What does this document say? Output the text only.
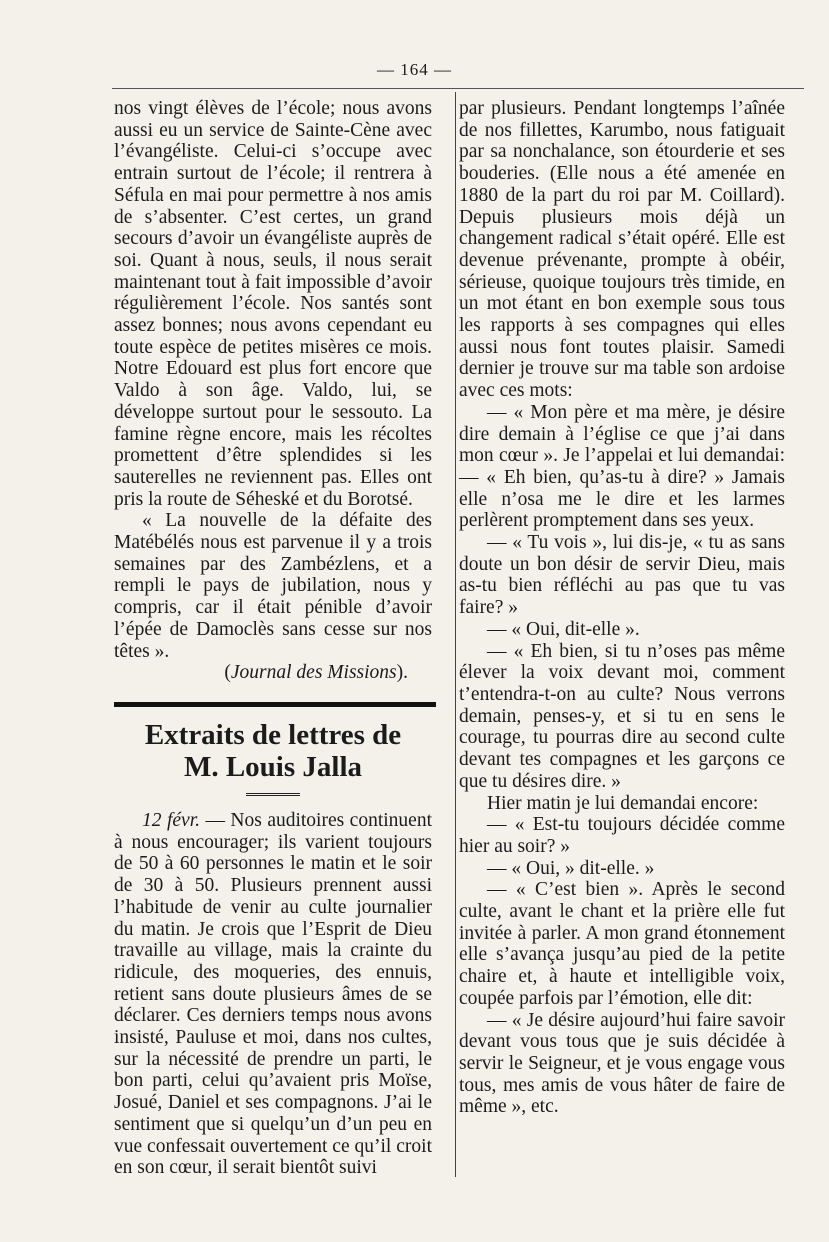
— 164 —

nos vingt élèves de l’école; nous avons aussi eu un service de Sainte-Cène avec l’évangéliste. Celui-ci s’occupe avec entrain surtout de l’école; il rentrera à Séfula en mai pour permettre à nos amis de s’absenter. C’est certes, un grand secours d’avoir un évangéliste auprès de soi. Quant à nous, seuls, il nous serait maintenant tout à fait impossible d’avoir régulièrement l’école. Nos santés sont assez bonnes; nous avons cependant eu toute espèce de petites misères ce mois. Notre Edouard est plus fort encore que Valdo à son âge. Valdo, lui, se développe surtout pour le sessouto. La famine règne encore, mais les récoltes promettent d’être splendides si les sauterelles ne reviennent pas. Elles ont pris la route de Séheské et du Borotsé.

« La nouvelle de la défaite des Matébélés nous est parvenue il y a trois semaines par des Zambézlens, et a rempli le pays de jubilation, nous y compris, car il était pénible d’avoir l’épée de Damoclès sans cesse sur nos têtes ».

(Journal des Missions).

Extraits de lettres de

M. Louis Jalla

12 févr. — Nos auditoires continuent à nous encourager; ils varient toujours de 50 à 60 personnes le matin et le soir de 30 à 50. Plusieurs prennent aussi l’habitude de venir au culte journalier du matin. Je crois que l’Esprit de Dieu travaille au village, mais la crainte du ridicule, des moqueries, des ennuis, retient sans doute plusieurs âmes de se déclarer. Ces derniers temps nous avons insisté, Pauluse et moi, dans nos cultes, sur la nécessité de prendre un parti, le bon parti, celui qu’avaient pris Moïse, Josué, Daniel et ses compagnons. J’ai le sentiment que si quelqu’un d’un peu en vue confessait ouvertement ce qu’il croit en son cœur, il serait bientôt suivi

par plusieurs. Pendant longtemps l’aînée de nos fillettes, Karumbo, nous fatiguait par sa nonchalance, son étourderie et ses bouderies. (Elle nous a été amenée en 1880 de la part du roi par M. Coillard). Depuis plusieurs mois déjà un changement radical s’était opéré. Elle est devenue prévenante, prompte à obéir, sérieuse, quoique toujours très timide, en un mot étant en bon exemple sous tous les rapports à ses compagnes qui elles aussi nous font toutes plaisir. Samedi dernier je trouve sur ma table son ardoise avec ces mots:

— « Mon père et ma mère, je désire dire demain à l’église ce que j’ai dans mon cœur ». Je l’appelai et lui demandai: — « Eh bien, qu’as-tu à dire? » Jamais elle n’osa me le dire et les larmes perlèrent promptement dans ses yeux.

— « Tu vois », lui dis-je, « tu as sans doute un bon désir de servir Dieu, mais as-tu bien réfléchi au pas que tu vas faire? »

— « Oui, dit-elle ».

— « Eh bien, si tu n’oses pas même élever la voix devant moi, comment t’entendra-t-on au culte? Nous verrons demain, penses-y, et si tu en sens le courage, tu pourras dire au second culte devant tes compagnes et les garçons ce que tu désires dire. »

Hier matin je lui demandai encore:

— « Est-tu toujours décidée comme hier au soir? »

— « Oui, » dit-elle. »

— « C’est bien ». Après le second culte, avant le chant et la prière elle fut invitée à parler. A mon grand étonnement elle s’avança jusqu’au pied de la petite chaire et, à haute et intelligible voix, coupée parfois par l’émotion, elle dit:

— « Je désire aujourd’hui faire savoir devant vous tous que je suis décidée à servir le Seigneur, et je vous engage vous tous, mes amis de vous hâter de faire de même », etc.
